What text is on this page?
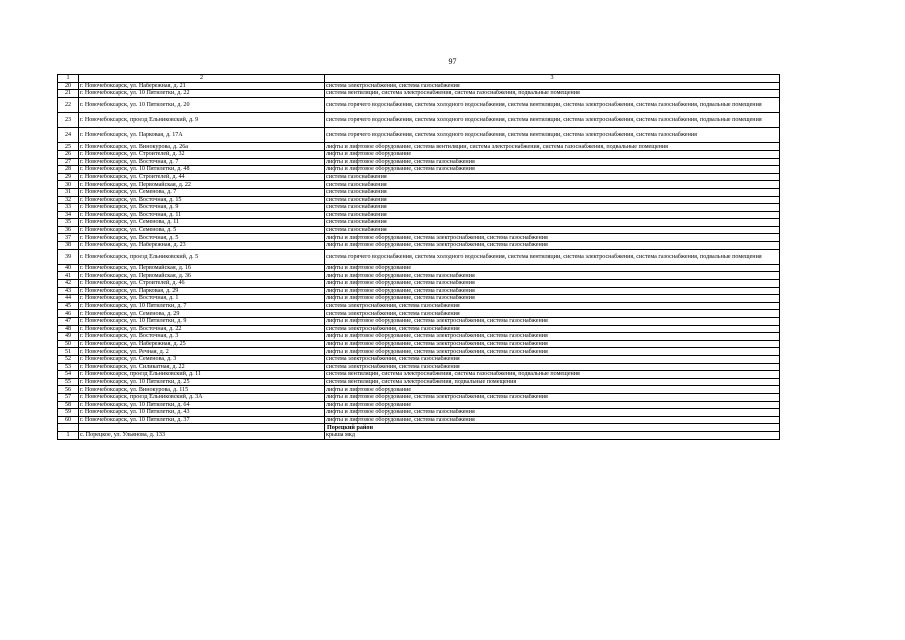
97
1	2	3
20	г. Новочебоксарск, ул. Набережная, д. 21	система электроснабжения, система газоснабжения
21	г. Новочебоксарск, ул. 10 Пятилетки, д. 22	система вентиляции, система электроснабжения, система газоснабжения, подвальные помещения
22	г. Новочебоксарск, ул. 10 Пятилетки, д. 20	система горячего водоснабжения, система холодного водоснабжения, система вентиляции, система электроснабжения, система газоснабжения, подвальные помещения
23	г. Новочебоксарск, проезд Ельниковский, д. 9	система горячего водоснабжения, система холодного водоснабжения, система вентиляции, система электроснабжения, система газоснабжения, подвальные помещения
24	г. Новочебоксарск, ул. Парковая, д. 17А	система горячего водоснабжения, система холодного водоснабжения, система вентиляции, система электроснабжения, система газоснабжения
25	г. Новочебоксарск, ул. Винокурова, д. 26а	лифты и лифтовое оборудование, система вентиляции, система электроснабжения, система газоснабжения, подвальные помещения
26	г. Новочебоксарск, ул. Строителей, д. 32	лифты и лифтовое оборудование
27	г. Новочебоксарск, ул. Восточная, д. 7	лифты и лифтовое оборудование, система газоснабжения
28	г. Новочебоксарск, ул. 10 Пятилетки, д. 48	лифты и лифтовое оборудование, система газоснабжения
29	г. Новочебоксарск, ул. Строителей, д. 44	система газоснабжения
30	г. Новочебоксарск, ул. Первомайская, д. 22	система газоснабжения
31	г. Новочебоксарск, ул. Семенова, д. 7	система газоснабжения
32	г. Новочебоксарск, ул. Восточная, д. 15	система газоснабжения
33	г. Новочебоксарск, ул. Восточная, д. 9	система газоснабжения
34	г. Новочебоксарск, ул. Восточная, д. 11	система газоснабжения
35	г. Новочебоксарск, ул. Семенова, д. 11	система газоснабжения
36	г. Новочебоксарск, ул. Семенова, д. 5	система газоснабжения
37	г. Новочебоксарск, ул. Восточная, д. 5	лифты и лифтовое оборудование, система электроснабжения, система газоснабжения
38	г. Новочебоксарск, ул. Набережная, д. 23	лифты и лифтовое оборудование, система электроснабжения, система газоснабжения
39	г. Новочебоксарск, проезд Ельниковский, д. 5	система горячего водоснабжения, система холодного водоснабжения, система вентиляции, система электроснабжения, система газоснабжения, подвальные помещения
40	г. Новочебоксарск, ул. Первомайская, д. 16	лифты и лифтовое оборудование
41	г. Новочебоксарск, ул. Первомайская, д. 36	лифты и лифтовое оборудование, система газоснабжения
42	г. Новочебоксарск, ул. Строителей, д. 46	лифты и лифтовое оборудование, система газоснабжения
43	г. Новочебоксарск, ул. Парковая, д. 29	лифты и лифтовое оборудование, система газоснабжения
44	г. Новочебоксарск, ул. Восточная, д. 1	лифты и лифтовое оборудование, система газоснабжения
45	г. Новочебоксарск, ул. 10 Пятилетки, д. 7	система электроснабжения, система газоснабжения
46	г. Новочебоксарск, ул. Семенова, д. 29	система электроснабжения, система газоснабжения
47	г. Новочебоксарск, ул. 10 Пятилетки, д. 9	лифты и лифтовое оборудование, система электроснабжения, система газоснабжения
48	г. Новочебоксарск, ул. Восточная, д. 22	система электроснабжения, система газоснабжения
49	г. Новочебоксарск, ул. Восточная, д. 3	лифты и лифтовое оборудование, система электроснабжения, система газоснабжения
50	г. Новочебоксарск, ул. Набережная, д. 25	лифты и лифтовое оборудование, система электроснабжения, система газоснабжения
51	г. Новочебоксарск, ул. Речная, д. 2	лифты и лифтовое оборудование, система электроснабжения, система газоснабжения
52	г. Новочебоксарск, ул. Семенова, д. 3	система электроснабжения, система газоснабжения
53	г. Новочебоксарск, ул. Силикатная, д. 22	система электроснабжения, система газоснабжения
54	г. Новочебоксарск, проезд Ельниковский, д. 11	система вентиляции, система электроснабжения, система газоснабжения, подвальные помещения
55	г. Новочебоксарск, ул. 10 Пятилетки, д. 25	система вентиляции, система электроснабжения, подвальные помещения
56	г. Новочебоксарск, ул. Винокурова, д. 115	лифты и лифтовое оборудование
57	г. Новочебоксарск, проезд Ельниковский, д. 3А	лифты и лифтовое оборудование, система электроснабжения, система газоснабжения
58	г. Новочебоксарск, ул. 10 Пятилетки, д. 64	лифты и лифтовое оборудование
59	г. Новочебоксарск, ул. 10 Пятилетки, д. 43	лифты и лифтовое оборудование, система газоснабжения
60	г. Новочебоксарск, ул. 10 Пятилетки, д. 37	лифты и лифтовое оборудование, система газоснабжения
		Порецкий район
1	с. Порецкое, ул. Ульянова, д. 133	крыша мкд
